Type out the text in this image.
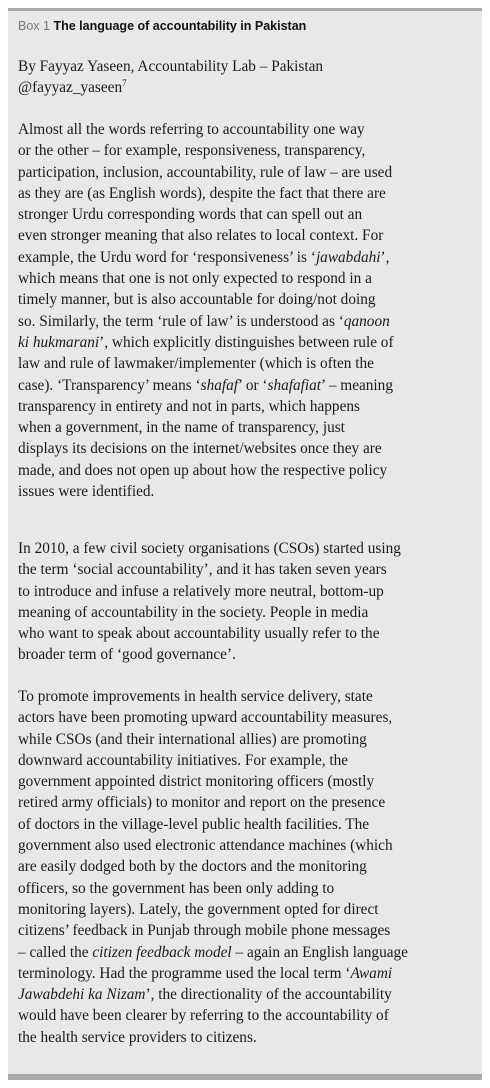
Box 1 The language of accountability in Pakistan
By Fayyaz Yaseen, Accountability Lab – Pakistan
@fayyaz_yaseen$^7$
Almost all the words referring to accountability one way
or the other – for example, responsiveness, transparency,
participation, inclusion, accountability, rule of law – are used
as they are (as English words), despite the fact that there are
stronger Urdu corresponding words that can spell out an
even stronger meaning that also relates to local context. For
example, the Urdu word for ‘responsiveness’ is ‘jawabdahi’,
which means that one is not only expected to respond in a
timely manner, but is also accountable for doing/not doing
so. Similarly, the term ‘rule of law’ is understood as ‘qanoon
ki hukmarani’, which explicitly distinguishes between rule of
law and rule of lawmaker/implementer (which is often the
case). ‘Transparency’ means ‘shafaf’ or ‘shafafiat’ – meaning
transparency in entirety and not in parts, which happens
when a government, in the name of transparency, just
displays its decisions on the internet/websites once they are
made, and does not open up about how the respective policy
issues were identified.
In 2010, a few civil society organisations (CSOs) started using
the term ‘social accountability’, and it has taken seven years
to introduce and infuse a relatively more neutral, bottom-up
meaning of accountability in the society. People in media
who want to speak about accountability usually refer to the
broader term of ‘good governance’.
To promote improvements in health service delivery, state
actors have been promoting upward accountability measures,
while CSOs (and their international allies) are promoting
downward accountability initiatives. For example, the
government appointed district monitoring officers (mostly
retired army officials) to monitor and report on the presence
of doctors in the village-level public health facilities. The
government also used electronic attendance machines (which
are easily dodged both by the doctors and the monitoring
officers, so the government has been only adding to
monitoring layers). Lately, the government opted for direct
citizens’ feedback in Punjab through mobile phone messages
– called the citizen feedback model – again an English language
terminology. Had the programme used the local term ‘Awami
Jawabdehi ka Nizam’, the directionality of the accountability
would have been clearer by referring to the accountability of
the health service providers to citizens.
